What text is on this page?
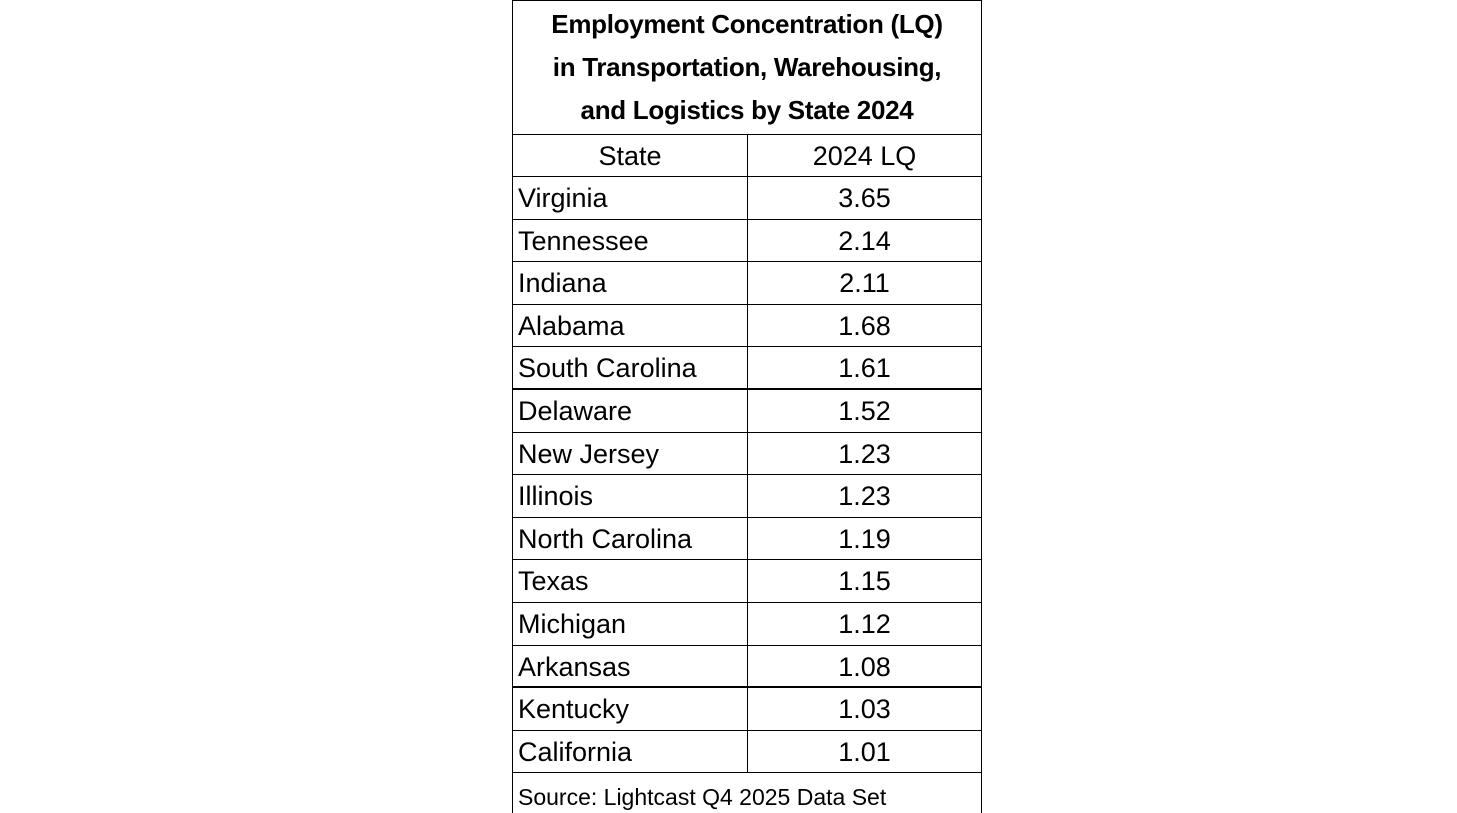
Employment Concentration (LQ)
in Transportation, Warehousing,
and Logistics by State 2024
State	2024 LQ
Virginia	3.65
Tennessee	2.14
Indiana	2.11
Alabama	1.68
South Carolina	1.61
Delaware	1.52
New Jersey	1.23
Illinois	1.23
North Carolina	1.19
Texas	1.15
Michigan	1.12
Arkansas	1.08
Kentucky	1.03
California	1.01
Source: Lightcast Q4 2025 Data Set
